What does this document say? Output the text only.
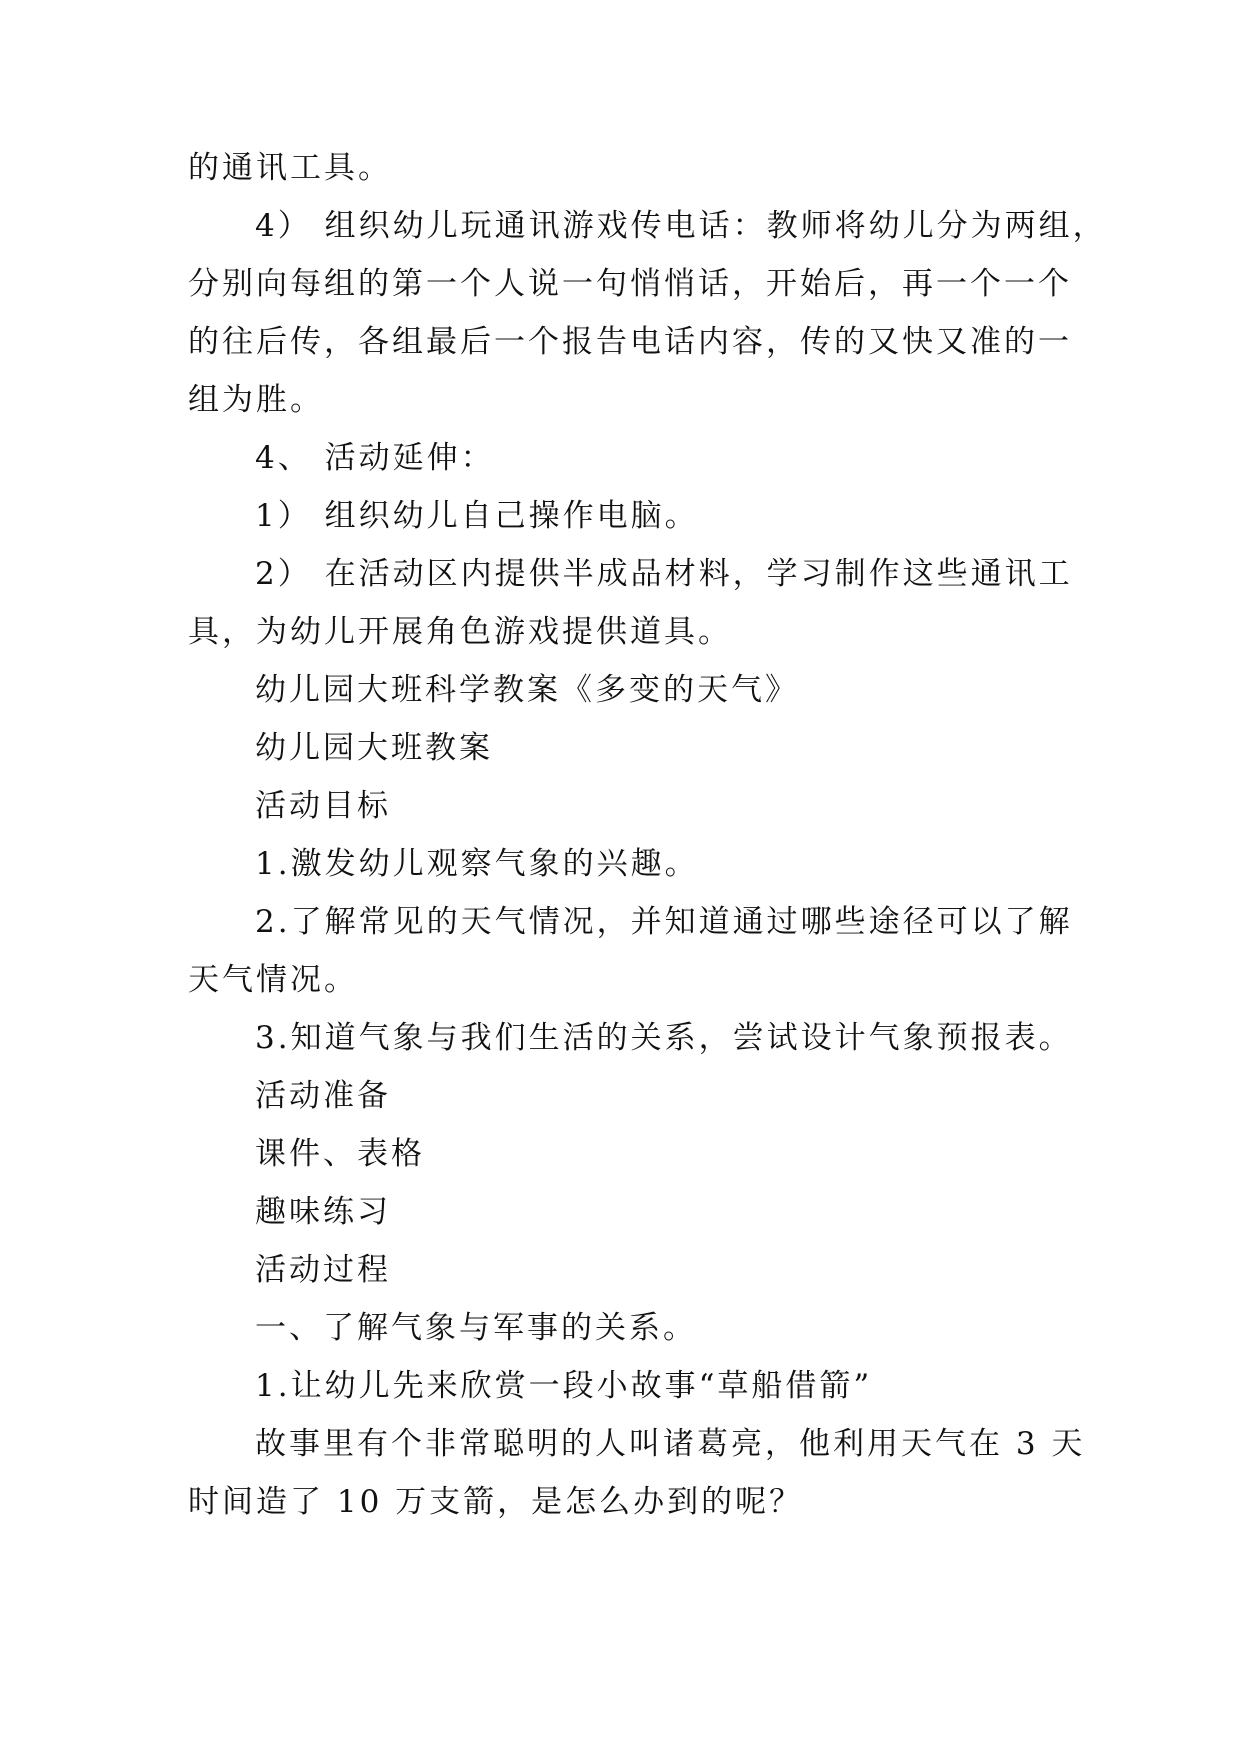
的通讯工具。
4） 组织幼儿玩通讯游戏传电话：教师将幼儿分为两组，
分别向每组的第一个人说一句悄悄话，开始后，再一个一个
的往后传，各组最后一个报告电话内容，传的又快又准的一
组为胜。
4、 活动延伸：
1） 组织幼儿自己操作电脑。
2） 在活动区内提供半成品材料，学习制作这些通讯工
具，为幼儿开展角色游戏提供道具。
幼儿园大班科学教案《多变的天气》
幼儿园大班教案
活动目标
1.激发幼儿观察气象的兴趣。
2.了解常见的天气情况，并知道通过哪些途径可以了解
天气情况。
3.知道气象与我们生活的关系，尝试设计气象预报表。
活动准备
课件、表格
趣味练习
活动过程
一、了解气象与军事的关系。
1.让幼儿先来欣赏一段小故事“草船借箭”
故事里有个非常聪明的人叫诸葛亮，他利用天气在 3 天
时间造了 10 万支箭，是怎么办到的呢？
